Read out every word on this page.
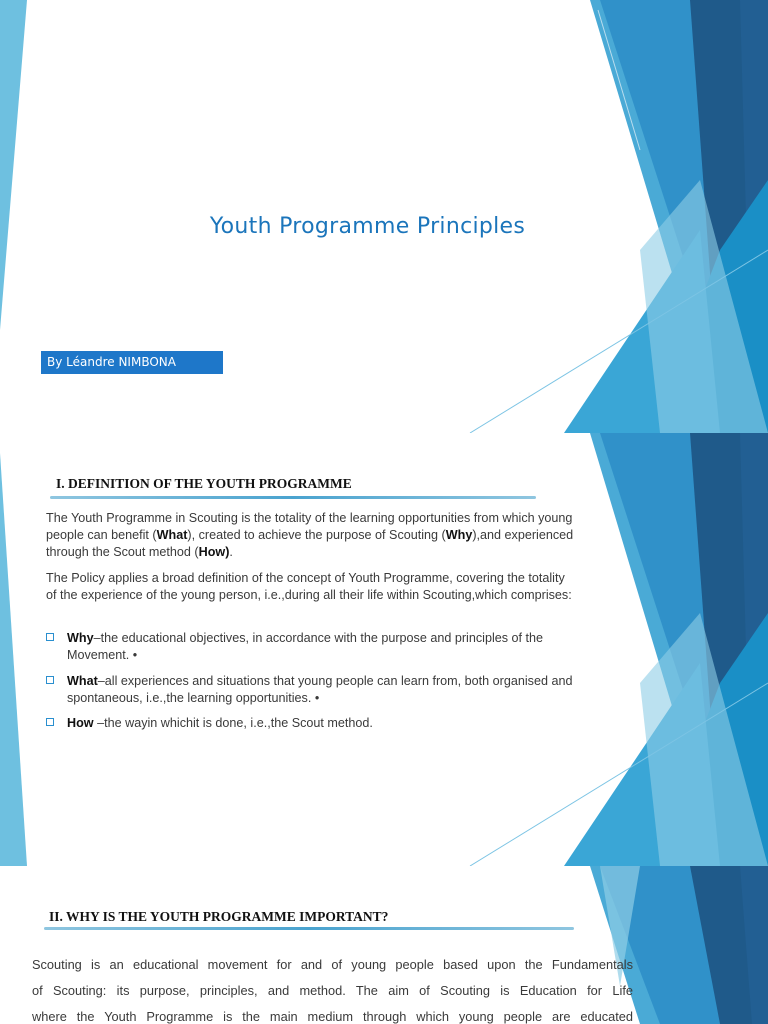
Youth Programme Principles
By Léandre NIMBONA
I. DEFINITION OF THE YOUTH PROGRAMME

The Youth Programme in Scouting is the totality of the learning opportunities from which young people can benefit (What), created to achieve the purpose of Scouting (Why),and experienced through the Scout method (How).

The Policy applies a broad definition of the concept of Youth Programme, covering the totality of the experience of the young person, i.e.,during all their life within Scouting,which comprises:

Why–the educational objectives, in accordance with the purpose and principles of the Movement. •
What–all experiences and situations that young people can learn from, both organised and spontaneous, i.e.,the learning opportunities. •
How –the wayin whichit is done, i.e.,the Scout method.
II. WHY IS THE YOUTH PROGRAMME IMPORTANT?
Scouting is an educational movement for and of young people based upon the Fundamentals
of Scouting: its purpose, principles, and method. The aim of Scouting is Education for Life
where the Youth Programme is the main medium through which young people are educated
